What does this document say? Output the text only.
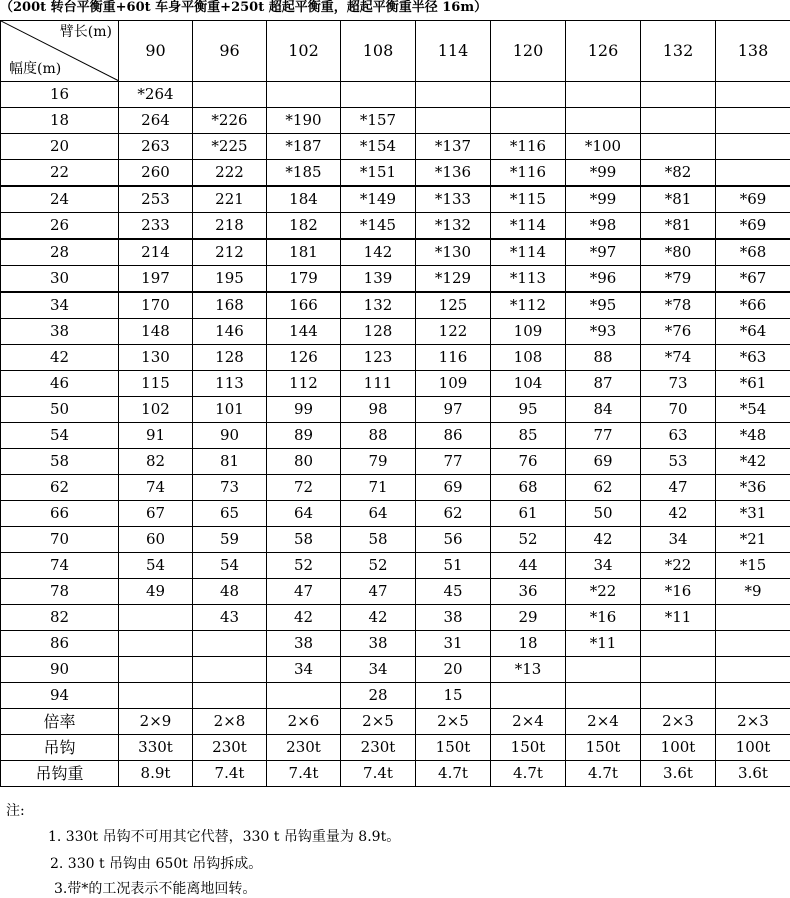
（200t 转台平衡重+60t 车身平衡重+250t 超起平衡重，超起平衡重半径 16m）
臂长(m)
幅度(m)	90	96	102	108	114	120	126	132	138
16	*264								
18	264	*226	*190	*157					
20	263	*225	*187	*154	*137	*116	*100		
22	260	222	*185	*151	*136	*116	*99	*82	
24	253	221	184	*149	*133	*115	*99	*81	*69
26	233	218	182	*145	*132	*114	*98	*81	*69
28	214	212	181	142	*130	*114	*97	*80	*68
30	197	195	179	139	*129	*113	*96	*79	*67
34	170	168	166	132	125	*112	*95	*78	*66
38	148	146	144	128	122	109	*93	*76	*64
42	130	128	126	123	116	108	88	*74	*63
46	115	113	112	111	109	104	87	73	*61
50	102	101	99	98	97	95	84	70	*54
54	91	90	89	88	86	85	77	63	*48
58	82	81	80	79	77	76	69	53	*42
62	74	73	72	71	69	68	62	47	*36
66	67	65	64	64	62	61	50	42	*31
70	60	59	58	58	56	52	42	34	*21
74	54	54	52	52	51	44	34	*22	*15
78	49	48	47	47	45	36	*22	*16	*9
82		43	42	42	38	29	*16	*11	
86			38	38	31	18	*11		
90			34	34	20	*13			
94				28	15				
倍率	2×9	2×8	2×6	2×5	2×5	2×4	2×4	2×3	2×3
吊钩	330t	230t	230t	230t	150t	150t	150t	100t	100t
吊钩重	8.9t	7.4t	7.4t	7.4t	4.7t	4.7t	4.7t	3.6t	3.6t
注:
1. 330t 吊钩不可用其它代替，330 t 吊钩重量为 8.9t。
2. 330 t 吊钩由 650t 吊钩拆成。
3.带*的工况表示不能离地回转。
